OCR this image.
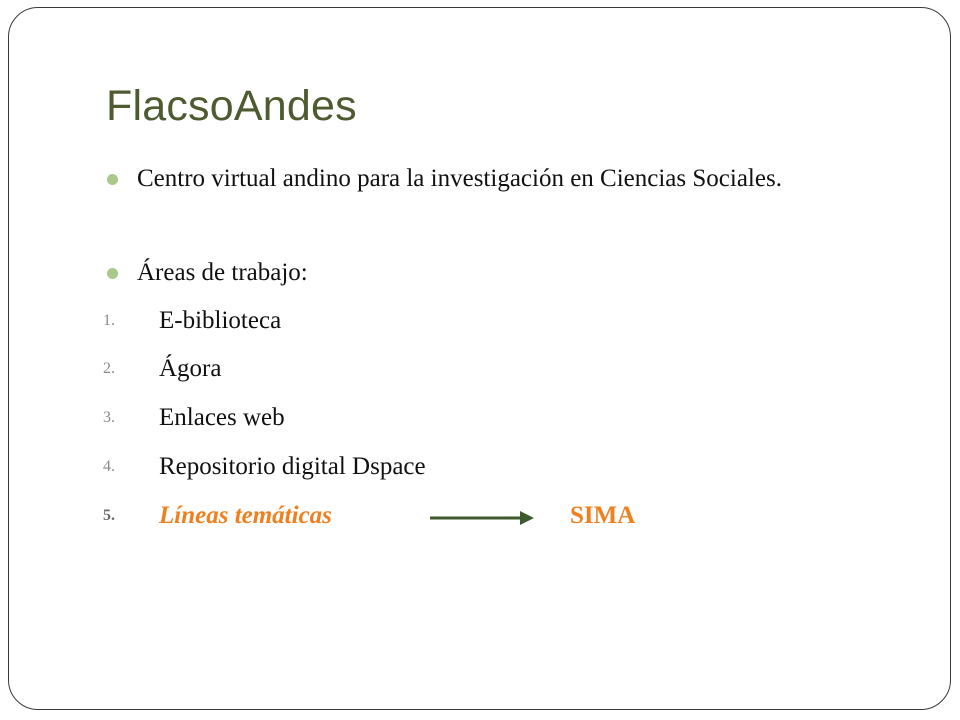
FlacsoAndes
Centro virtual andino para la investigación en Ciencias Sociales.
Áreas de trabajo:
1.	E-biblioteca
2.	Ágora
3.	Enlaces web
4.	Repositorio digital Dspace
5.	Líneas temáticas	SIMA
